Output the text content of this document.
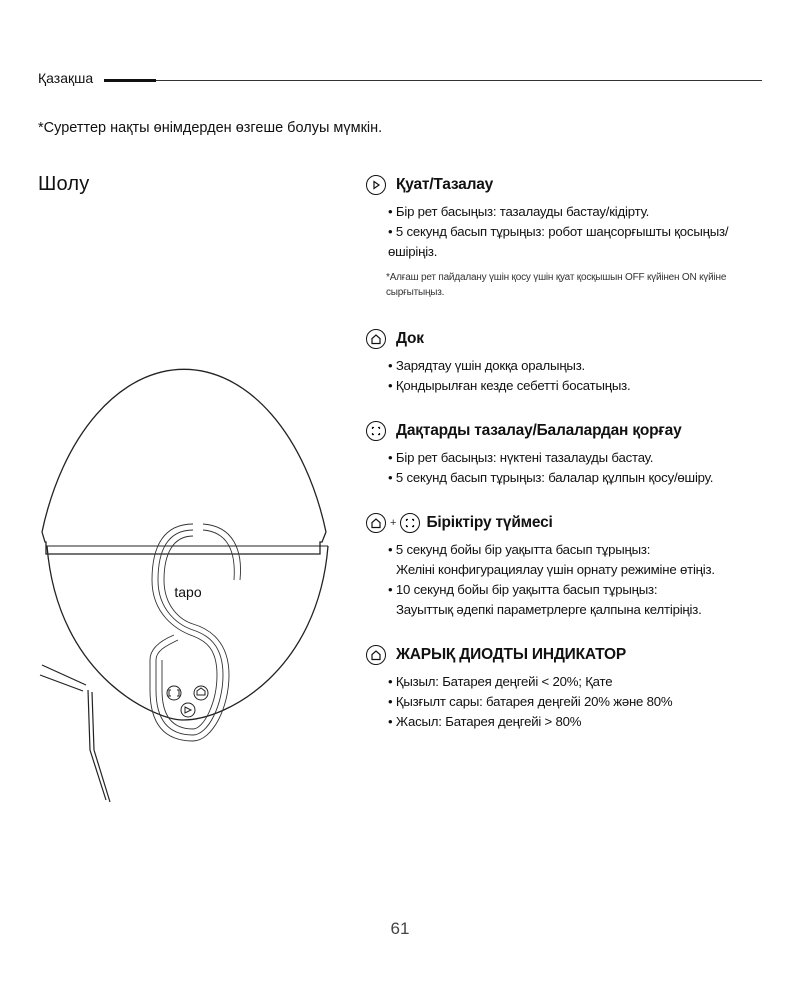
Қазақша
*Суреттер нақты өнімдерден өзгеше болуы мүмкін.
Шолу
tapo
Қуат/Тазалау
• Бір рет басыңыз: тазалауды бастау/кідірту.
• 5 секунд басып тұрыңыз: робот шаңсорғышты қосыңыз/ өшіріңіз.
*Алғаш рет пайдалану үшін қосу үшін қуат қосқышын OFF күйінен ON күйіне сырғытыңыз.
Док
• Зарядтау үшін докқа оралыңыз.
• Қондырылған кезде себетті босатыңыз.
Дақтарды тазалау/Балалардан қорғау
• Бір рет басыңыз: нүктені тазалауды бастау.
• 5 секунд басып тұрыңыз: балалар құлпын қосу/өшіру.
+ Біріктіру түймесі
• 5 секунд бойы бір уақытта басып тұрыңыз:
Желіні конфигурациялау үшін орнату режиміне өтіңіз.
• 10 секунд бойы бір уақытта басып тұрыңыз:
Зауыттық әдепкі параметрлерге қалпына келтіріңіз.
ЖАРЫҚ ДИОДТЫ ИНДИКАТОР
• Қызыл: Батарея деңгейі < 20%; Қате
• Қызғылт сары: батарея деңгейі 20% және 80%
• Жасыл: Батарея деңгейі > 80%
61
